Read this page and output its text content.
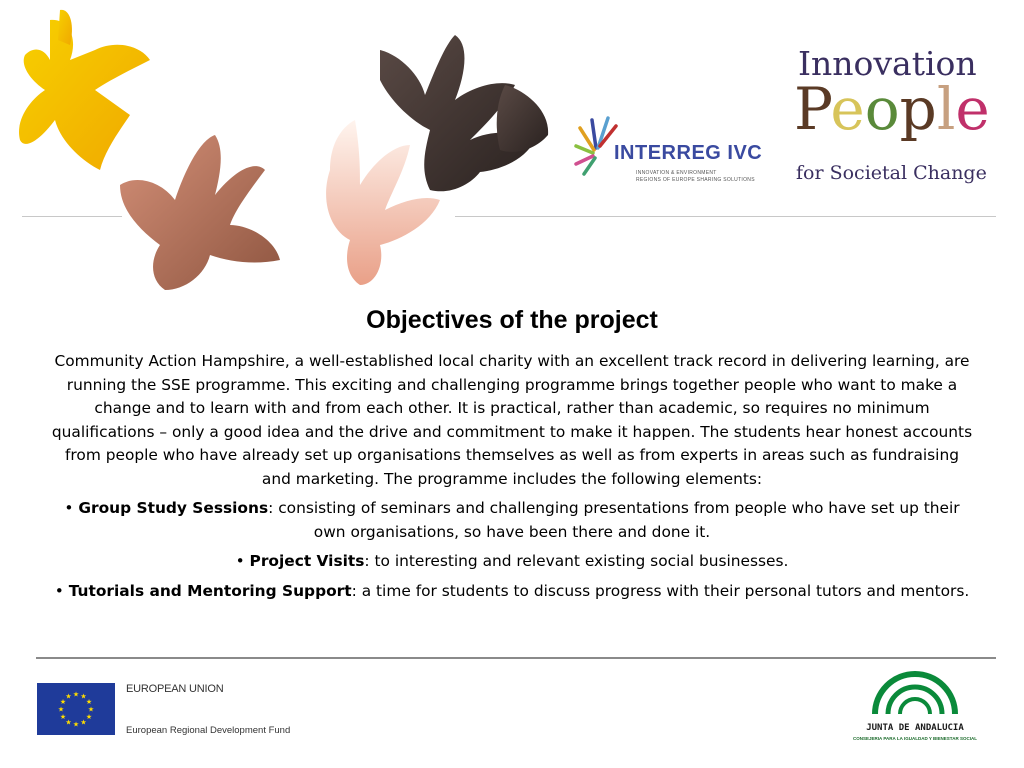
INTERREG IVC
INNOVATION & ENVIRONMENT
REGIONS OF EUROPE SHARING SOLUTIONS
Innovation
People
for Societal Change
Objectives of the project

Community Action Hampshire, a well-established local charity with an excellent track record in delivering learning, are running the SSE programme. This exciting and challenging programme brings together people who want to make a change and to learn with and from each other. It is practical, rather than academic, so requires no minimum qualifications – only a good idea and the drive and commitment to make it happen. The students hear honest accounts from people who have already set up organisations themselves as well as from experts in areas such as fundraising and marketing. The programme includes the following elements:

• Group Study Sessions: consisting of seminars and challenging presentations from people who have set up their own organisations, so have been there and done it.

• Project Visits: to interesting and relevant existing social businesses.

• Tutorials and Mentoring Support: a time for students to discuss progress with their personal tutors and mentors.

★ ★
★
★
★
★
★
★
★
★
★
★
EUROPEAN UNION
European Regional Development Fund	JUNTA DE ANDALUCIA
CONSEJERIA PARA LA IGUALDAD Y BIENESTAR SOCIAL
